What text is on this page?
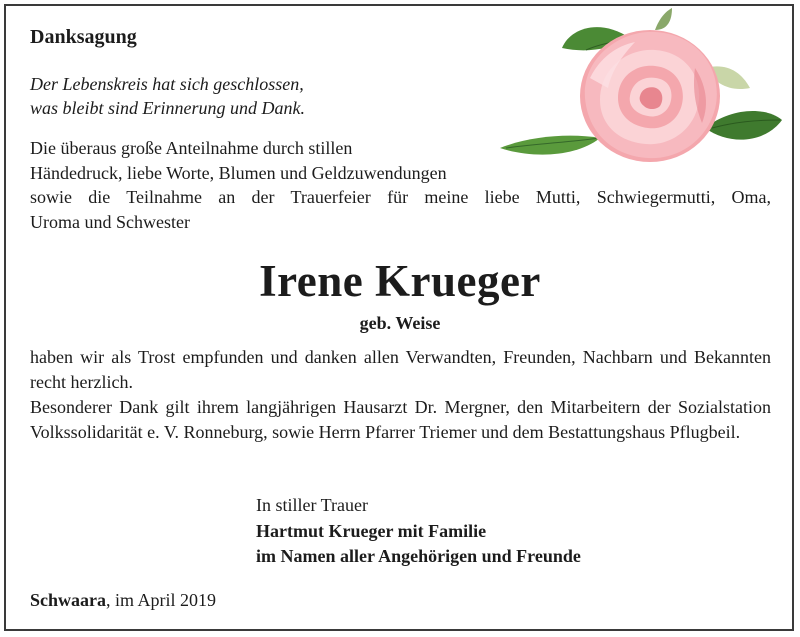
Danksagung
Der Lebenskreis hat sich geschlossen,
was bleibt sind Erinnerung und Dank.
Die überaus große Anteilnahme durch stillen
Händedruck, liebe Worte, Blumen und Geldzuwendungen
sowie die Teilnahme an der Trauerfeier für meine liebe Mutti, Schwiegermutti, Oma,
Uroma und Schwester
Irene Krueger
geb. Weise
haben wir als Trost empfunden und danken allen Verwandten, Freunden, Nachbarn und Bekannten recht herzlich.
Besonderer Dank gilt ihrem langjährigen Hausarzt Dr. Mergner, den Mitarbeitern der Sozialstation Volkssolidarität e. V. Ronneburg, sowie Herrn Pfarrer Triemer und dem Bestattungshaus Pflugbeil.
In stiller Trauer
Hartmut Krueger mit Familie
im Namen aller Angehörigen und Freunde
Schwaara, im April 2019
